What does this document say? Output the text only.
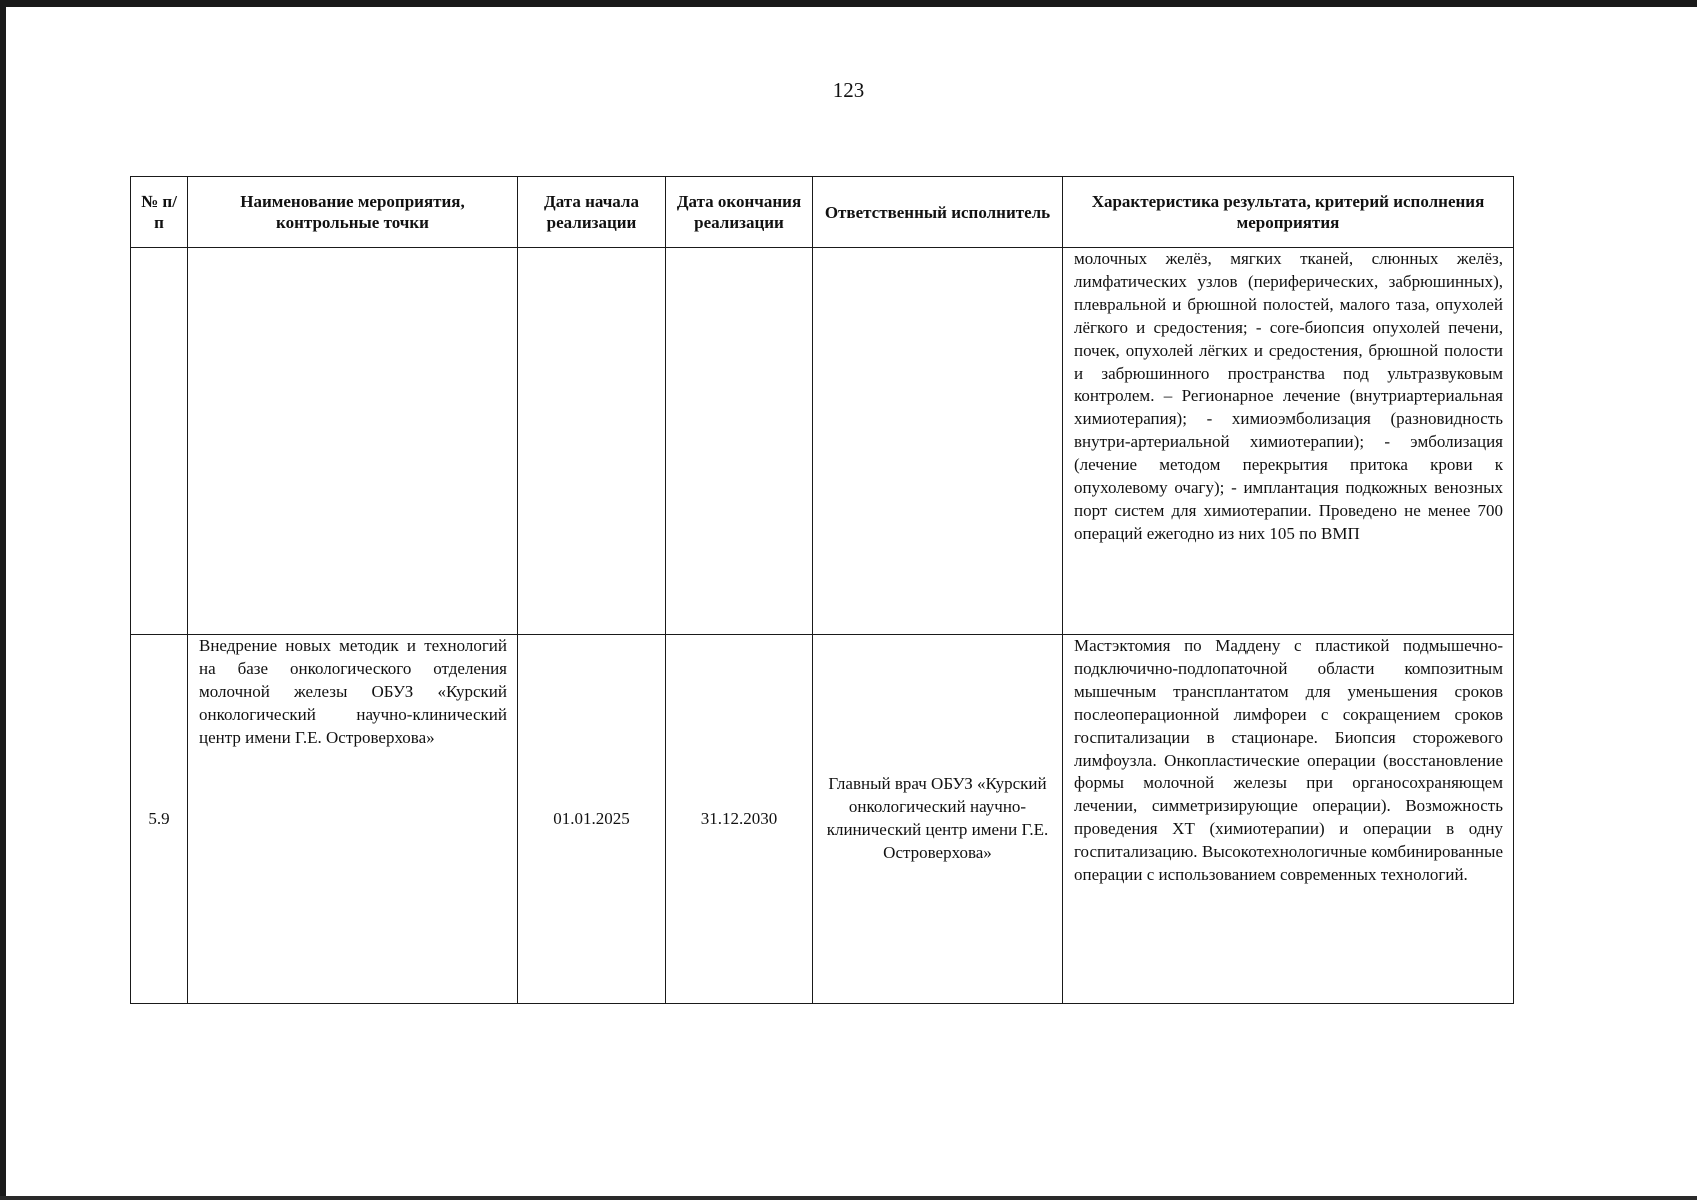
123
№ п/п	Наименование мероприятия, контрольные точки	Дата начала реализации	Дата окончания реализации	Ответственный исполнитель	Характеристика результата, критерий исполнения мероприятия
					молочных желёз, мягких тканей, слюнных желёз, лимфатических узлов (периферических, забрюшинных), плевральной и брюшной полостей, малого таза, опухолей лёгкого и средостения; - core-биопсия опухолей печени, почек, опухолей лёгких и средостения, брюшной полости и забрюшинного пространства под ультразвуковым контролем. – Регионарное лечение (внутриартериальная химиотерапия); - химиоэмболизация (разновидность внутри-артериальной химиотерапии); - эмболизация (лечение методом перекрытия притока крови к опухолевому очагу); - имплантация подкожных венозных порт систем для химиотерапии. Проведено не менее 700 операций ежегодно из них 105 по ВМП
5.9	Внедрение новых методик и технологий на базе онкологического отделения молочной железы ОБУЗ «Курский онкологический научно-клинический центр имени Г.Е. Островерхова»	01.01.2025	31.12.2030	Главный врач ОБУЗ «Курский онкологический научно-клинический центр имени Г.Е. Островерхова»	Мастэктомия по Маддену с пластикой подмышечно-подключично-подлопаточной области композитным мышечным трансплантатом для уменьшения сроков послеоперационной лимфореи с сокращением сроков госпитализации в стационаре. Биопсия сторожевого лимфоузла. Онкопластические операции (восстановление формы молочной железы при органосохраняющем лечении, симметризирующие операции). Возможность проведения ХТ (химиотерапии) и операции в одну госпитализацию. Высокотехнологичные комбинированные операции с использованием современных технологий.
